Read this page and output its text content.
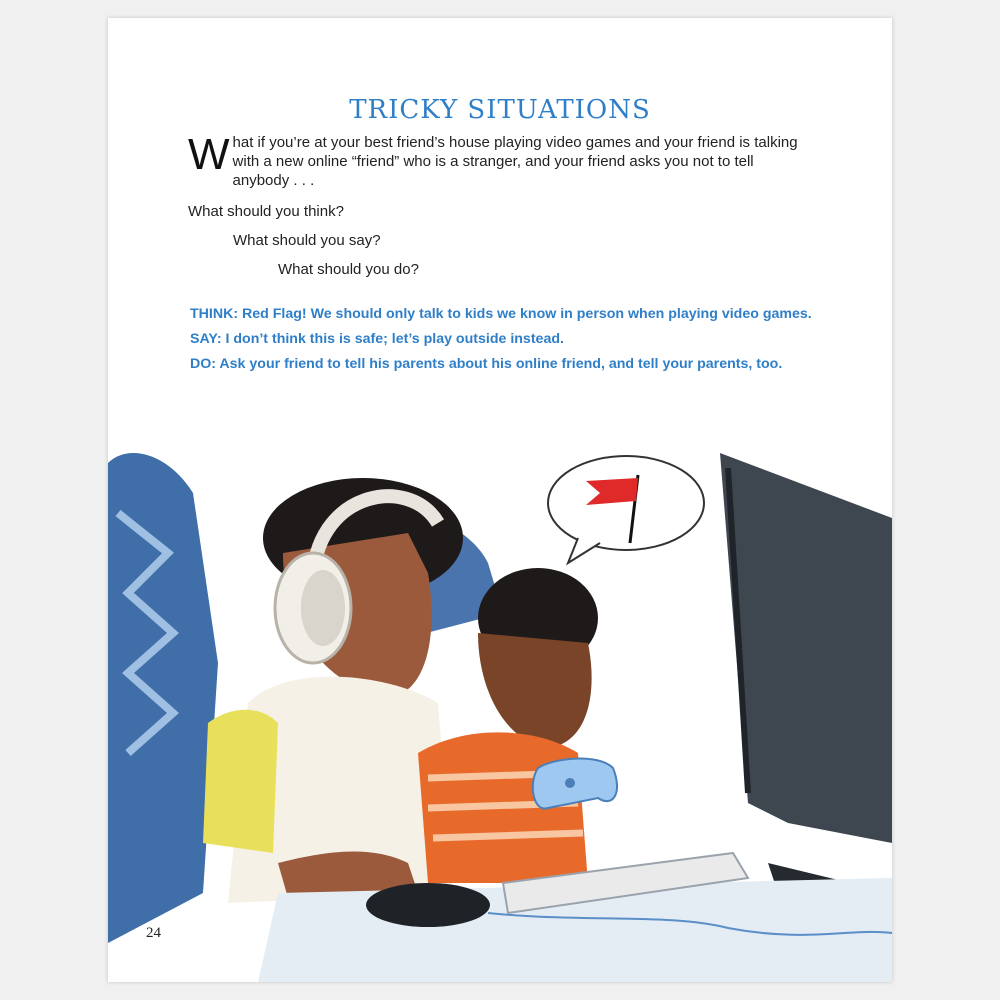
TRICKY SITUATIONS

What if you’re at your best friend’s house playing video games and your friend is talking with a new online “friend” who is a stranger, and your friend asks you not to tell anybody . . .

What should you think?

What should you say?

What should you do?

THINK: Red Flag! We should only talk to kids we know in person when playing video games.

SAY: I don’t think this is safe; let’s play outside instead.

DO: Ask your friend to tell his parents about his online friend, and tell your parents, too.

24
